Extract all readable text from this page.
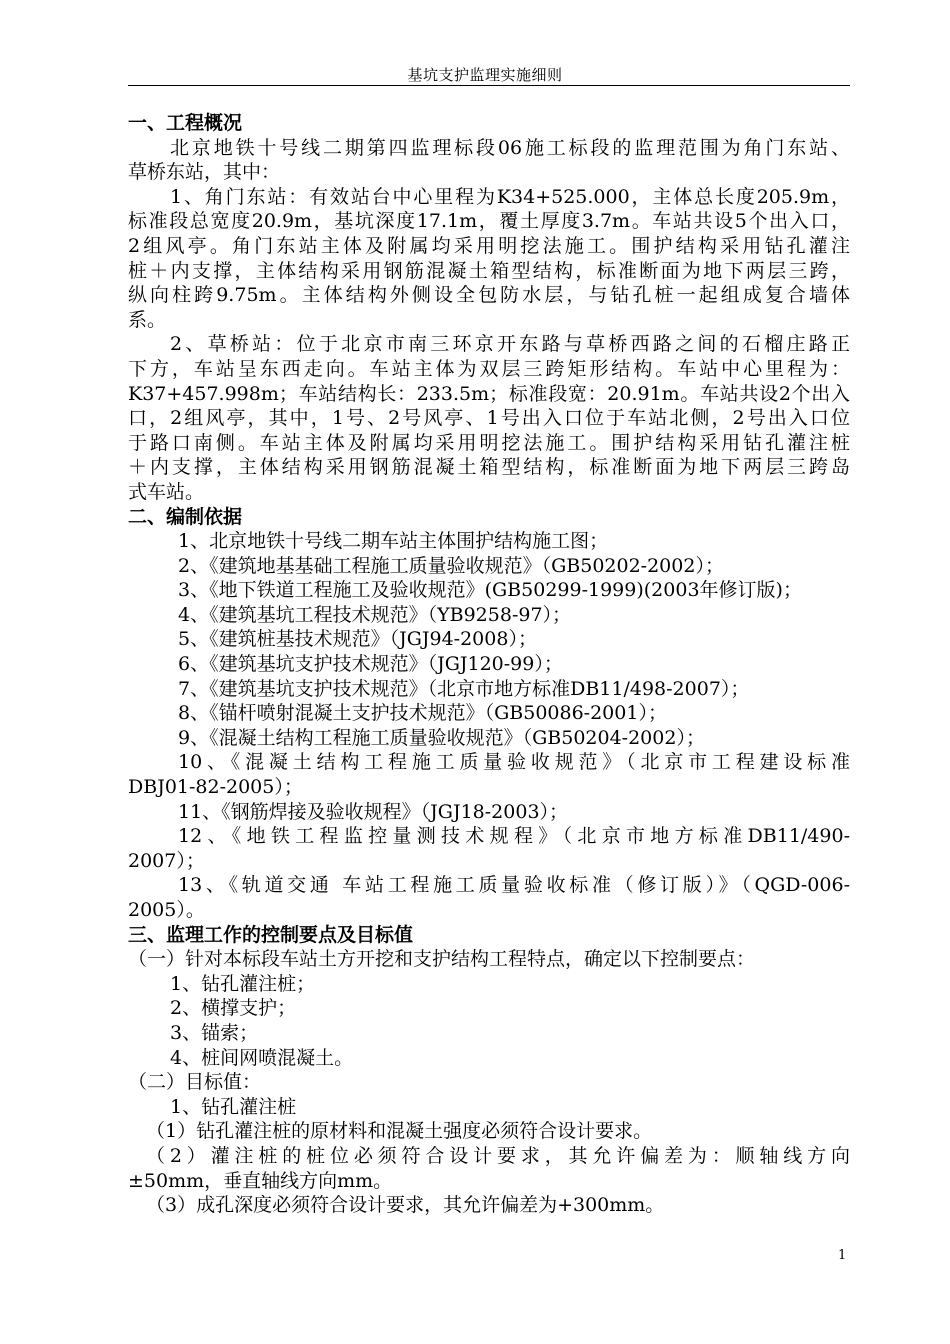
基坑支护监理实施细则
一、工程概况
北京地铁十号线二期第四监理标段06施工标段的监理范围为角门东站、
草桥东站，其中：
1、角门东站：有效站台中心里程为K34+525.000，主体总长度205.9m，
标准段总宽度20.9m，基坑深度17.1m，覆土厚度3.7m。车站共设5个出入口，
2组风亭。角门东站主体及附属均采用明挖法施工。围护结构采用钻孔灌注
桩＋内支撑，主体结构采用钢筋混凝土箱型结构，标准断面为地下两层三跨，
纵向柱跨9.75m。主体结构外侧设全包防水层，与钻孔桩一起组成复合墙体
系。
2、草桥站：位于北京市南三环京开东路与草桥西路之间的石榴庄路正
下方，车站呈东西走向。车站主体为双层三跨矩形结构。车站中心里程为：
K37+457.998m；车站结构长：233.5m；标准段宽：20.91m。车站共设2个出入
口，2组风亭，其中，1号、2号风亭、1号出入口位于车站北侧，2号出入口位
于路口南侧。车站主体及附属均采用明挖法施工。围护结构采用钻孔灌注桩
＋内支撑，主体结构采用钢筋混凝土箱型结构，标准断面为地下两层三跨岛
式车站。
二、编制依据
1、北京地铁十号线二期车站主体围护结构施工图；
2、《建筑地基基础工程施工质量验收规范》（GB50202-2002）；
3、《地下铁道工程施工及验收规范》(GB50299-1999)(2003年修订版)；
4、《建筑基坑工程技术规范》（YB9258-97）；
5、《建筑桩基技术规范》（JGJ94-2008）；
6、《建筑基坑支护技术规范》（JGJ120-99）；
7、《建筑基坑支护技术规范》（北京市地方标准DB11/498-2007）；
8、《锚杆喷射混凝土支护技术规范》（GB50086-2001）；
9、《混凝土结构工程施工质量验收规范》（GB50204-2002）；
10、《混凝土结构工程施工质量验收规范》（北京市工程建设标准
DBJ01-82-2005）；
11、《钢筋焊接及验收规程》（JGJ18-2003）；
12、《地铁工程监控量测技术规程》（北京市地方标准DB11/490-
2007）；
13、《轨道交通 车站工程施工质量验收标准（修订版）》（QGD-006-
2005）。
三、监理工作的控制要点及目标值
（一）针对本标段车站土方开挖和支护结构工程特点，确定以下控制要点：
1、钻孔灌注桩；
2、横撑支护；
3、锚索；
4、桩间网喷混凝土。
（二）目标值：
1、钻孔灌注桩
（1）钻孔灌注桩的原材料和混凝土强度必须符合设计要求。
（2）灌注桩的桩位必须符合设计要求，其允许偏差为：顺轴线方向
±50mm，垂直轴线方向mm。
（3）成孔深度必须符合设计要求，其允许偏差为+300mm。
1
